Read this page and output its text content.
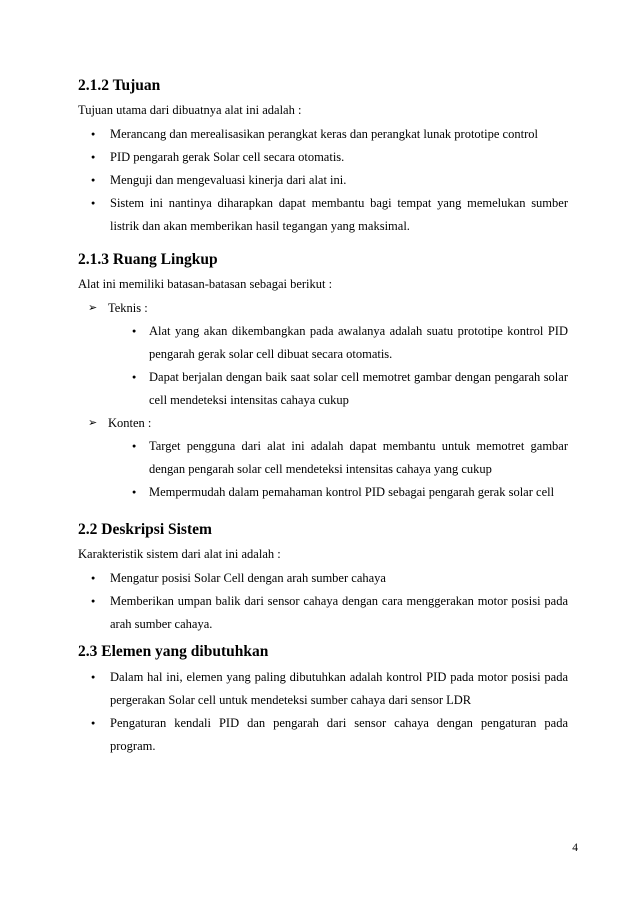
2.1.2 Tujuan
Tujuan utama dari dibuatnya alat ini adalah :
● Merancang dan merealisasikan perangkat keras dan perangkat lunak prototipe control
● PID pengarah gerak Solar cell secara otomatis.
● Menguji dan mengevaluasi kinerja dari alat ini.
● Sistem ini nantinya diharapkan dapat membantu bagi tempat yang memelukan sumber listrik dan akan memberikan hasil tegangan yang maksimal.
2.1.3 Ruang Lingkup
Alat ini memiliki batasan-batasan sebagai berikut :
➢ Teknis :
● Alat yang akan dikembangkan pada awalanya adalah suatu prototipe kontrol PID pengarah gerak solar cell dibuat secara otomatis.
● Dapat berjalan dengan baik saat solar cell memotret gambar dengan pengarah solar cell mendeteksi intensitas cahaya cukup
➢ Konten :
● Target pengguna dari alat ini adalah dapat membantu untuk memotret gambar dengan pengarah solar cell mendeteksi intensitas cahaya yang cukup
● Mempermudah dalam pemahaman kontrol PID sebagai pengarah gerak solar cell
2.2 Deskripsi Sistem
Karakteristik sistem dari alat ini adalah :
● Mengatur posisi Solar Cell dengan arah sumber cahaya
● Memberikan umpan balik dari sensor cahaya dengan cara menggerakan motor posisi pada arah sumber cahaya.
2.3 Elemen yang dibutuhkan
● Dalam hal ini, elemen yang paling dibutuhkan adalah kontrol PID pada motor posisi pada pergerakan Solar cell untuk mendeteksi sumber cahaya dari sensor LDR
● Pengaturan kendali PID dan pengarah dari sensor cahaya dengan pengaturan pada program.
4
